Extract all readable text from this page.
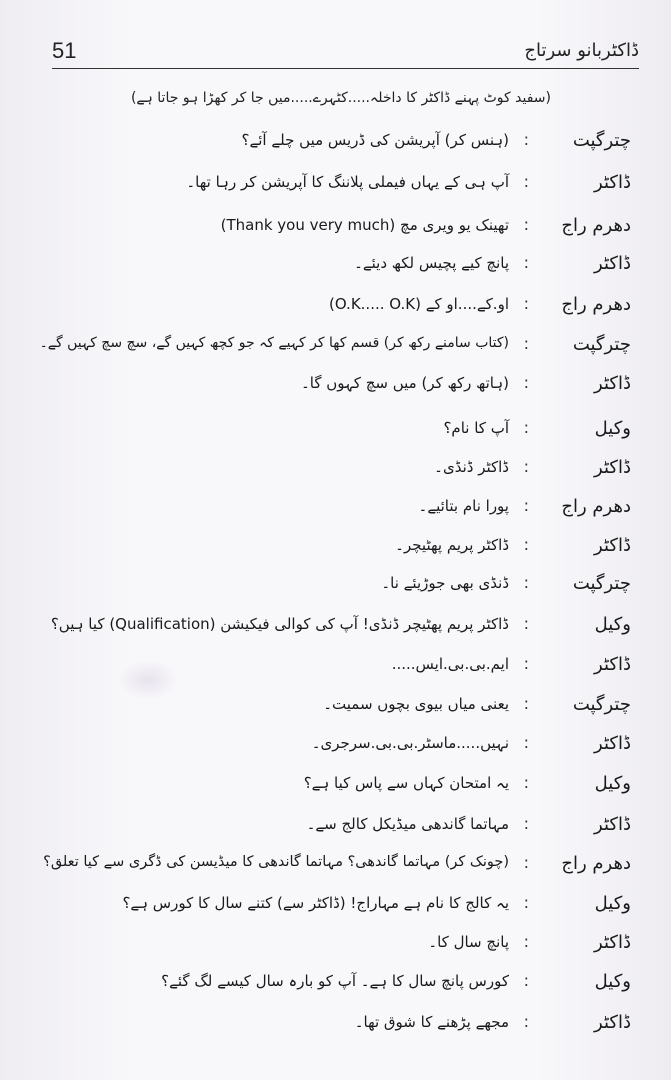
51	ڈاکٹربانو سرتاج
(سفید کوٹ پہنے ڈاکٹر کا داخلہ.....کٹہرے.....میں جا کر کھڑا ہو جاتا ہے)
چترگپت
:
(ہنس کر) آپریشن کی ڈریس میں چلے آئے؟
ڈاکٹر
:
آپ ہی کے یہاں فیملی پلاننگ کا آپریشن کر رہا تھا۔
دھرم راج
:
تھینک یو ویری مچ (Thank you very much)
ڈاکٹر
:
پانچ کیے پچیس لکھ دیئے۔
دھرم راج
:
او.کے....او کے (O.K..... O.K)
چترگپت
:
(کتاب سامنے رکھ کر) قسم کھا کر کہیے کہ جو کچھ کہیں گے، سچ سچ کہیں گے۔
ڈاکٹر
:
(ہاتھ رکھ کر) میں سچ کہوں گا۔
وکیل
:
آپ کا نام؟
ڈاکٹر
:
ڈاکٹر ڈنڈی۔
دھرم راج
:
پورا نام بتائیے۔
ڈاکٹر
:
ڈاکٹر پریم پھٹیچر۔
چترگپت
:
ڈنڈی بھی جوڑیئے نا۔
وکیل
:
ڈاکٹر پریم پھٹیچر ڈنڈی! آپ کی کوالی فیکیشن (Qualification) کیا ہیں؟
ڈاکٹر
:
ایم.بی.بی.ایس.....
چترگپت
:
یعنی میاں بیوی بچوں سمیت۔
ڈاکٹر
:
نہیں.....ماسٹر.بی.بی.سرجری۔
وکیل
:
یہ امتحان کہاں سے پاس کیا ہے؟
ڈاکٹر
:
مہاتما گاندھی میڈیکل کالج سے۔
دھرم راج
:
(چونک کر) مہاتما گاندھی؟ مہاتما گاندھی کا میڈیسن کی ڈگری سے کیا تعلق؟
وکیل
:
یہ کالج کا نام ہے مہاراج! (ڈاکٹر سے) کتنے سال کا کورس ہے؟
ڈاکٹر
:
پانچ سال کا۔
وکیل
:
کورس پانچ سال کا ہے۔ آپ کو بارہ سال کیسے لگ گئے؟
ڈاکٹر
:
مجھے پڑھنے کا شوق تھا۔
